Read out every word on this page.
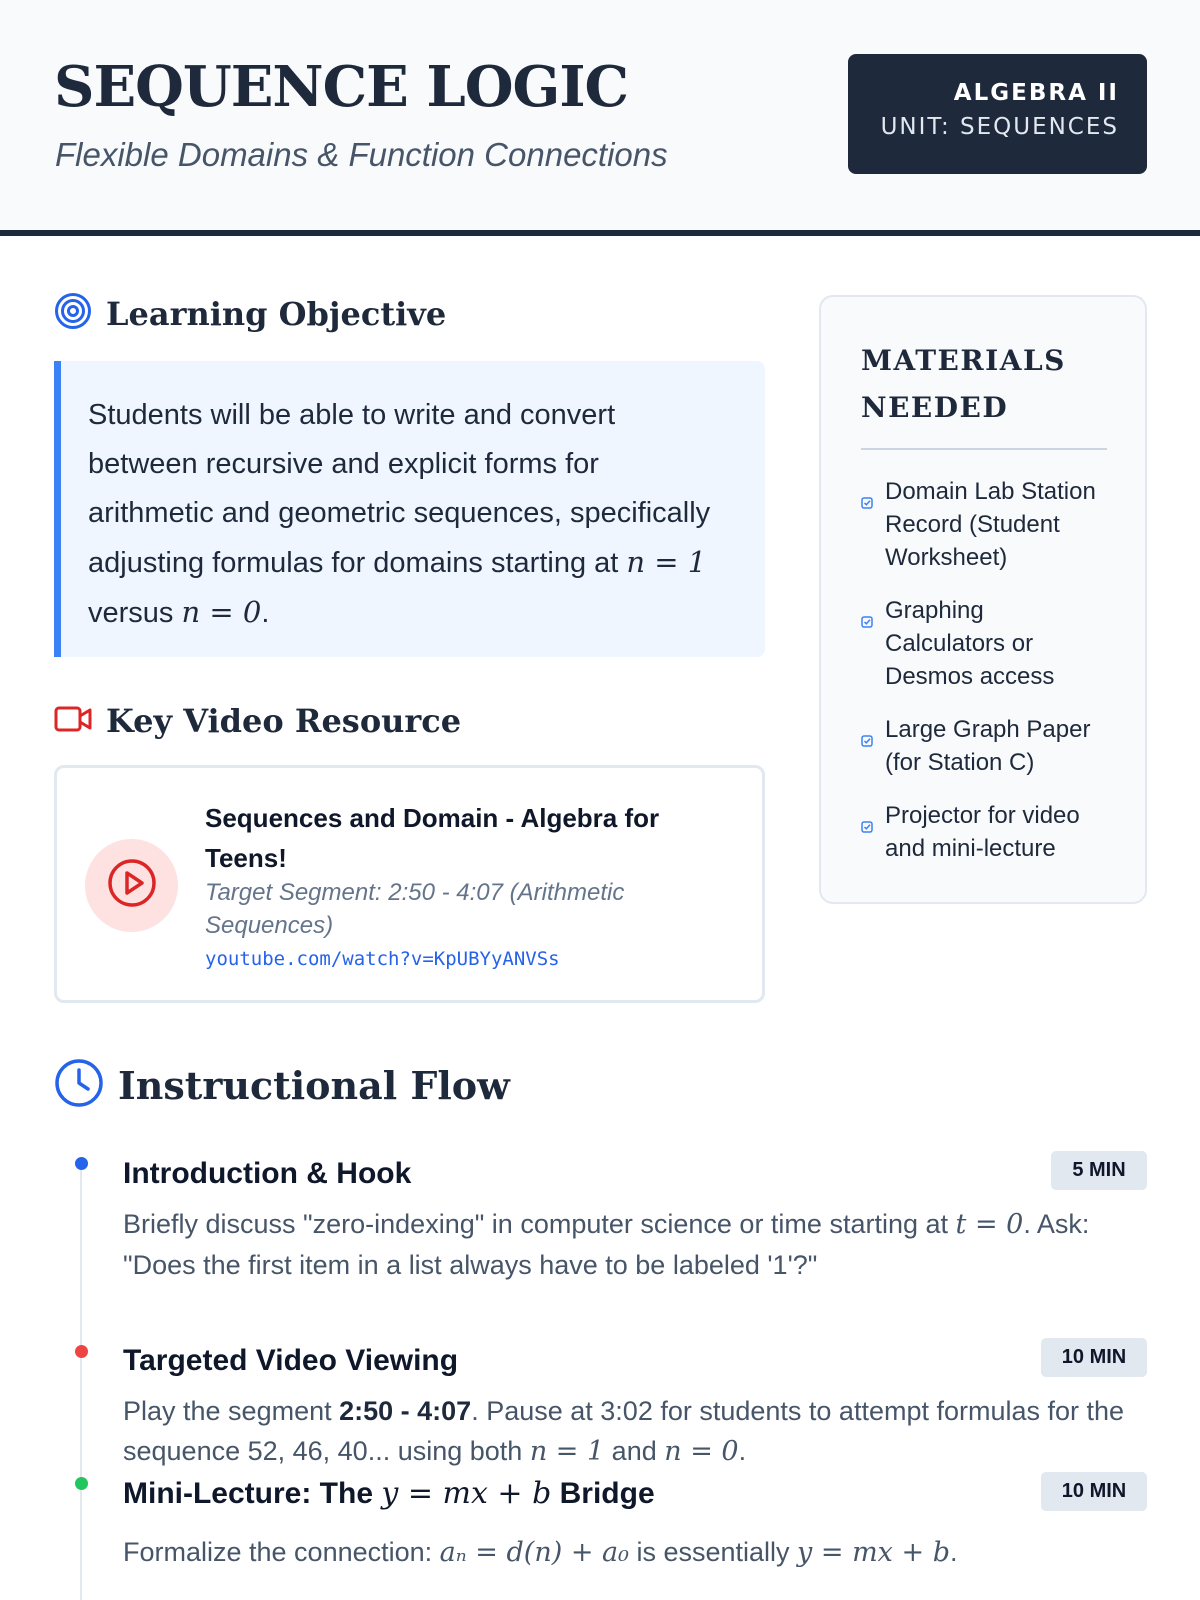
SEQUENCE LOGIC
Flexible Domains & Function Connections
ALGEBRA II
UNIT: SEQUENCES
Learning Objective
Students will be able to write and convert between recursive and explicit forms for arithmetic and geometric sequences, specifically adjusting formulas for domains starting at n = 1 versus n = 0.
Key Video Resource
Sequences and Domain - Algebra for Teens!
Target Segment: 2:50 - 4:07 (Arithmetic Sequences)
youtube.com/watch?v=KpUBYyANVSs
MATERIALS NEEDED
Domain Lab Station Record (Student Worksheet)
Graphing Calculators or Desmos access
Large Graph Paper (for Station C)
Projector for video and mini-lecture
Instructional Flow
Introduction & Hook	5 MIN
Briefly discuss "zero-indexing" in computer science or time starting at t = 0. Ask: "Does the first item in a list always have to be labeled '1'?"
Targeted Video Viewing	10 MIN
Play the segment 2:50 - 4:07. Pause at 3:02 for students to attempt formulas for the sequence 52, 46, 40... using both n = 1 and n = 0.
Mini-Lecture: The y = mx + b Bridge	10 MIN
Formalize the connection: aₙ = d(n) + a₀ is essentially y = mx + b.
